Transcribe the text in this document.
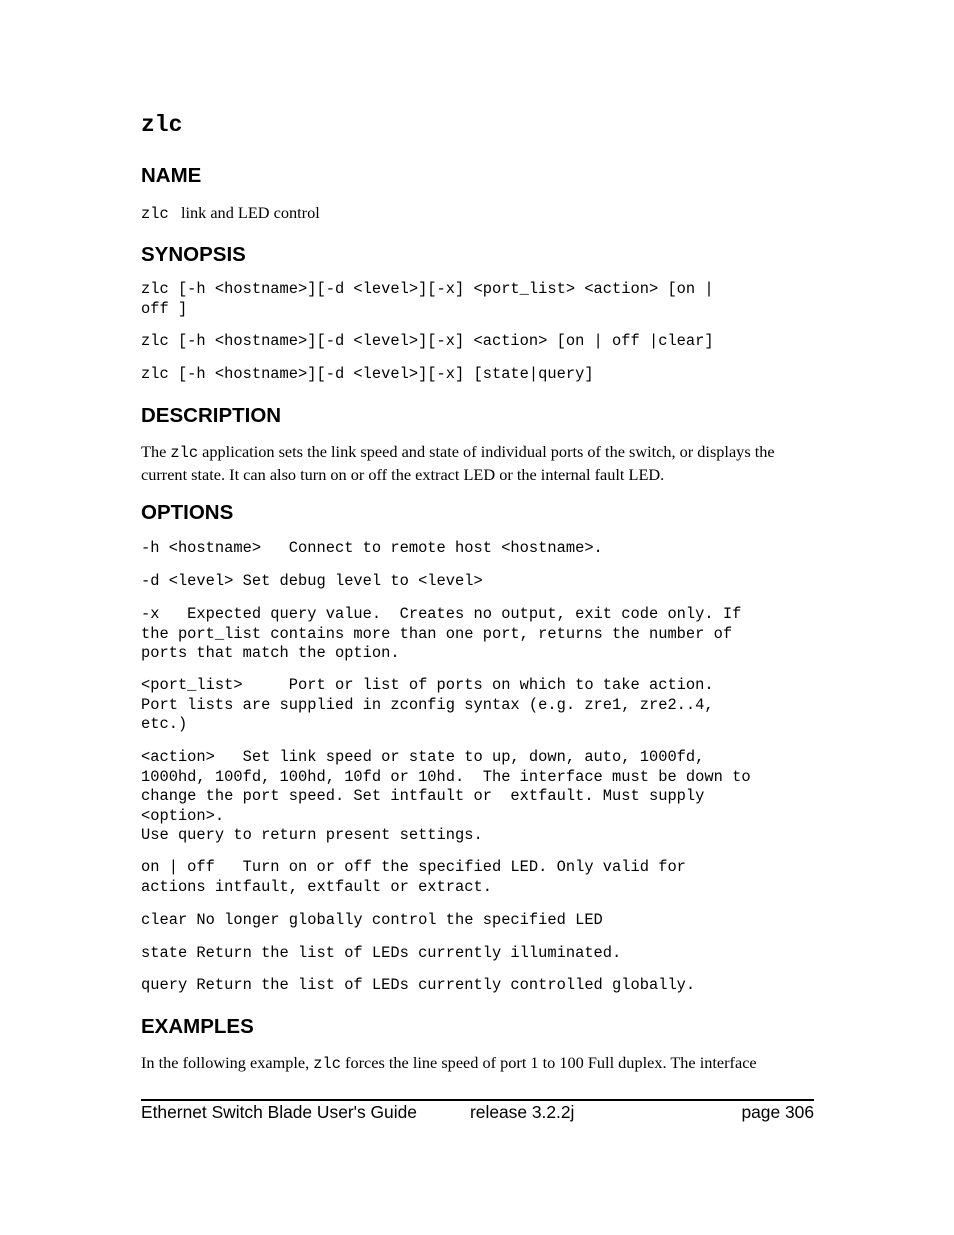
zlc
NAME

zlc link and LED control

SYNOPSIS

zlc [-h <hostname>][-d <level>][-x] <port_list> <action> [on |
off ]

zlc [-h <hostname>][-d <level>][-x] <action> [on | off |clear]

zlc [-h <hostname>][-d <level>][-x] [state|query]

DESCRIPTION

The zlc application sets the link speed and state of individual ports of the switch, or displays the current state. It can also turn on or off the extract LED or the internal fault LED.

OPTIONS

-h <hostname>   Connect to remote host <hostname>.

-d <level> Set debug level to <level>

-x   Expected query value.  Creates no output, exit code only. If
the port_list contains more than one port, returns the number of
ports that match the option.

<port_list>     Port or list of ports on which to take action.
Port lists are supplied in zconfig syntax (e.g. zre1, zre2..4,
etc.)

<action>   Set link speed or state to up, down, auto, 1000fd,
1000hd, 100fd, 100hd, 10fd or 10hd.  The interface must be down to
change the port speed. Set intfault or  extfault. Must supply
<option>.
Use query to return present settings.

on | off   Turn on or off the specified LED. Only valid for
actions intfault, extfault or extract.

clear No longer globally control the specified LED

state Return the list of LEDs currently illuminated.

query Return the list of LEDs currently controlled globally.

EXAMPLES

In the following example, zlc forces the line speed of port 1 to 100 Full duplex. The interface

Ethernet Switch Blade User's Guide	release 3.2.2j	page 306
